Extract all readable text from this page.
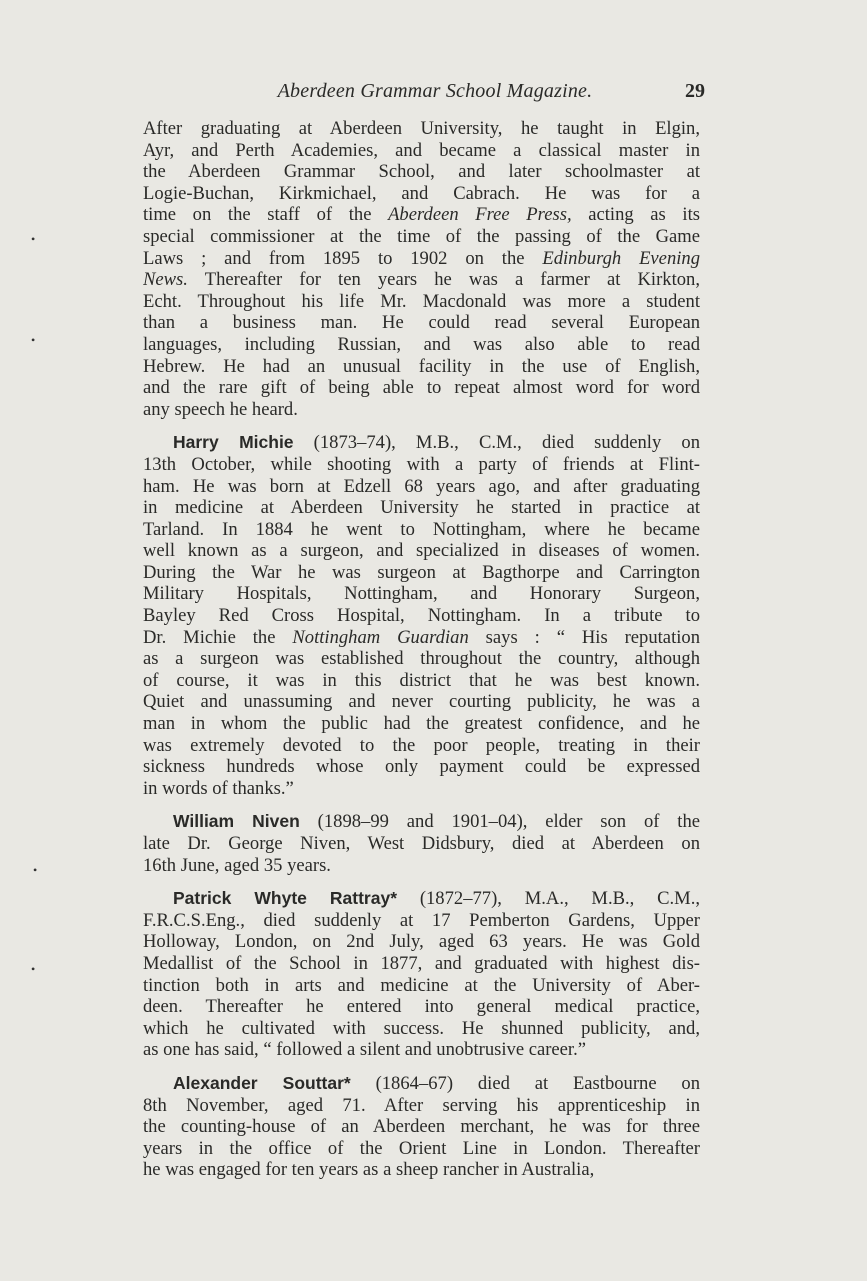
Aberdeen Grammar School Magazine.	29
•
•
•
•
After graduating at Aberdeen University, he taught in Elgin,
Ayr, and Perth Academies, and became a classical master in
the Aberdeen Grammar School, and later schoolmaster at
Logie-Buchan, Kirkmichael, and Cabrach. He was for a
time on the staff of the Aberdeen Free Press, acting as its
special commissioner at the time of the passing of the Game
Laws ; and from 1895 to 1902 on the Edinburgh Evening
News. Thereafter for ten years he was a farmer at Kirkton,
Echt. Throughout his life Mr. Macdonald was more a student
than a business man. He could read several European
languages, including Russian, and was also able to read
Hebrew. He had an unusual facility in the use of English,
and the rare gift of being able to repeat almost word for word
any speech he heard.
Harry Michie (1873–74), M.B., C.M., died suddenly on
13th October, while shooting with a party of friends at Flint-
ham. He was born at Edzell 68 years ago, and after graduating
in medicine at Aberdeen University he started in practice at
Tarland. In 1884 he went to Nottingham, where he became
well known as a surgeon, and specialized in diseases of women.
During the War he was surgeon at Bagthorpe and Carrington
Military Hospitals, Nottingham, and Honorary Surgeon,
Bayley Red Cross Hospital, Nottingham. In a tribute to
Dr. Michie the Nottingham Guardian says : “ His reputation
as a surgeon was established throughout the country, although
of course, it was in this district that he was best known.
Quiet and unassuming and never courting publicity, he was a
man in whom the public had the greatest confidence, and he
was extremely devoted to the poor people, treating in their
sickness hundreds whose only payment could be expressed
in words of thanks.”
William Niven (1898–99 and 1901–04), elder son of the
late Dr. George Niven, West Didsbury, died at Aberdeen on
16th June, aged 35 years.
Patrick Whyte Rattray* (1872–77), M.A., M.B., C.M.,
F.R.C.S.Eng., died suddenly at 17 Pemberton Gardens, Upper
Holloway, London, on 2nd July, aged 63 years. He was Gold
Medallist of the School in 1877, and graduated with highest dis-
tinction both in arts and medicine at the University of Aber-
deen. Thereafter he entered into general medical practice,
which he cultivated with success. He shunned publicity, and,
as one has said, “ followed a silent and unobtrusive career.”
Alexander Souttar* (1864–67) died at Eastbourne on
8th November, aged 71. After serving his apprenticeship in
the counting-house of an Aberdeen merchant, he was for three
years in the office of the Orient Line in London. Thereafter
he was engaged for ten years as a sheep rancher in Australia,
